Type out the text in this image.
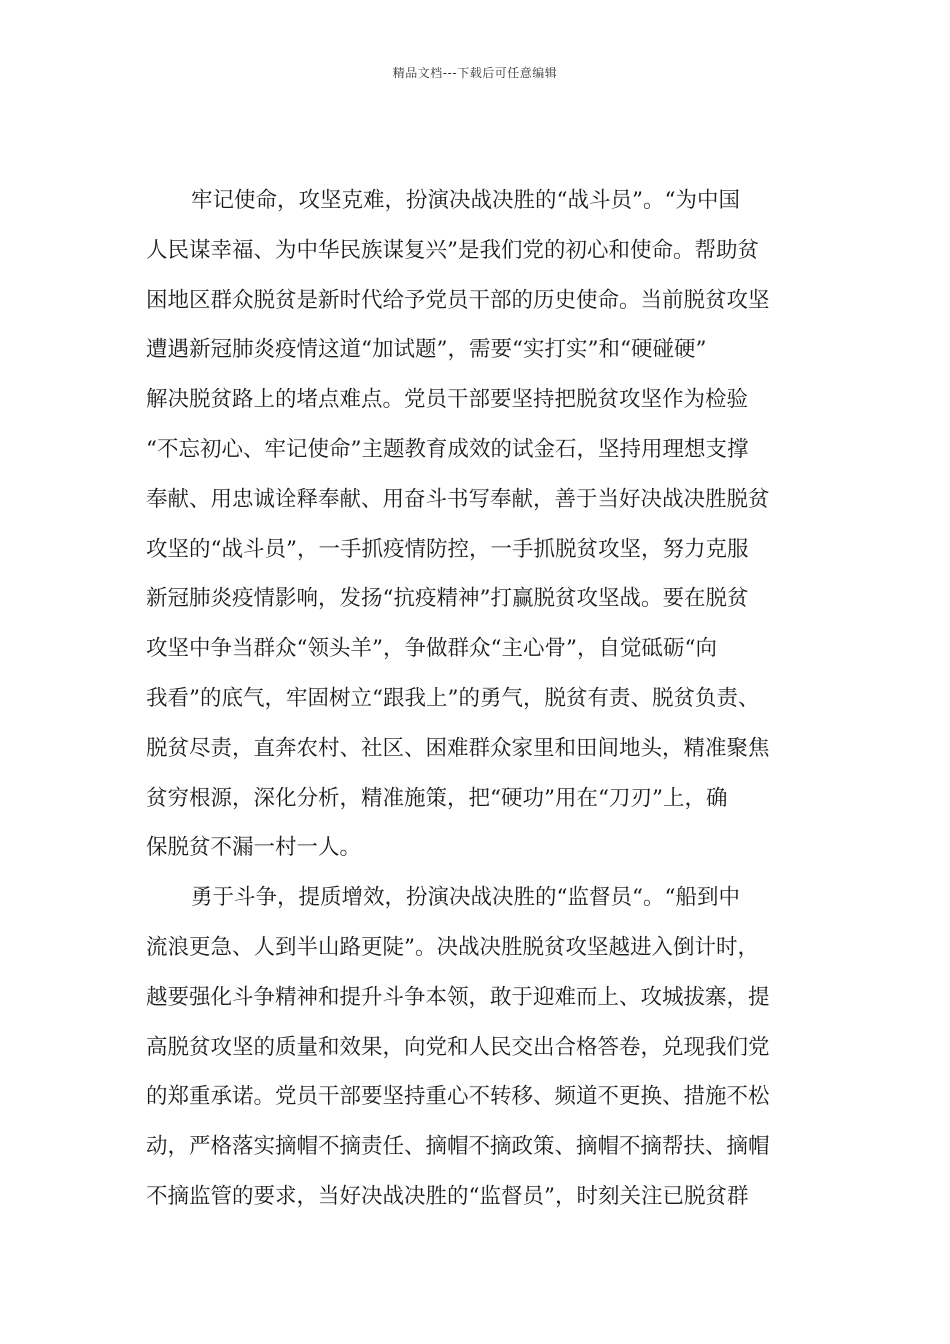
精品文档---下载后可任意编辑
牢记使命，攻坚克难，扮演决战决胜的“战斗员”。“为中国
人民谋幸福、为中华民族谋复兴”是我们党的初心和使命。帮助贫
困地区群众脱贫是新时代给予党员干部的历史使命。当前脱贫攻坚
遭遇新冠肺炎疫情这道“加试题”，需要“实打实”和“硬碰硬”
解决脱贫路上的堵点难点。党员干部要坚持把脱贫攻坚作为检验
“不忘初心、牢记使命”主题教育成效的试金石，坚持用理想支撑
奉献、用忠诚诠释奉献、用奋斗书写奉献，善于当好决战决胜脱贫
攻坚的“战斗员”，一手抓疫情防控，一手抓脱贫攻坚，努力克服
新冠肺炎疫情影响，发扬“抗疫精神”打赢脱贫攻坚战。要在脱贫
攻坚中争当群众“领头羊”，争做群众“主心骨”，自觉砥砺“向
我看”的底气，牢固树立“跟我上”的勇气，脱贫有责、脱贫负责、
脱贫尽责，直奔农村、社区、困难群众家里和田间地头，精准聚焦
贫穷根源，深化分析，精准施策，把“硬功”用在“刀刃”上，确
保脱贫不漏一村一人。
勇于斗争，提质增效，扮演决战决胜的“监督员“。“船到中
流浪更急、人到半山路更陡”。决战决胜脱贫攻坚越进入倒计时，
越要强化斗争精神和提升斗争本领，敢于迎难而上、攻城拔寨，提
高脱贫攻坚的质量和效果，向党和人民交出合格答卷，兑现我们党
的郑重承诺。党员干部要坚持重心不转移、频道不更换、措施不松
动，严格落实摘帽不摘责任、摘帽不摘政策、摘帽不摘帮扶、摘帽
不摘监管的要求，当好决战决胜的“监督员”，时刻关注已脱贫群
